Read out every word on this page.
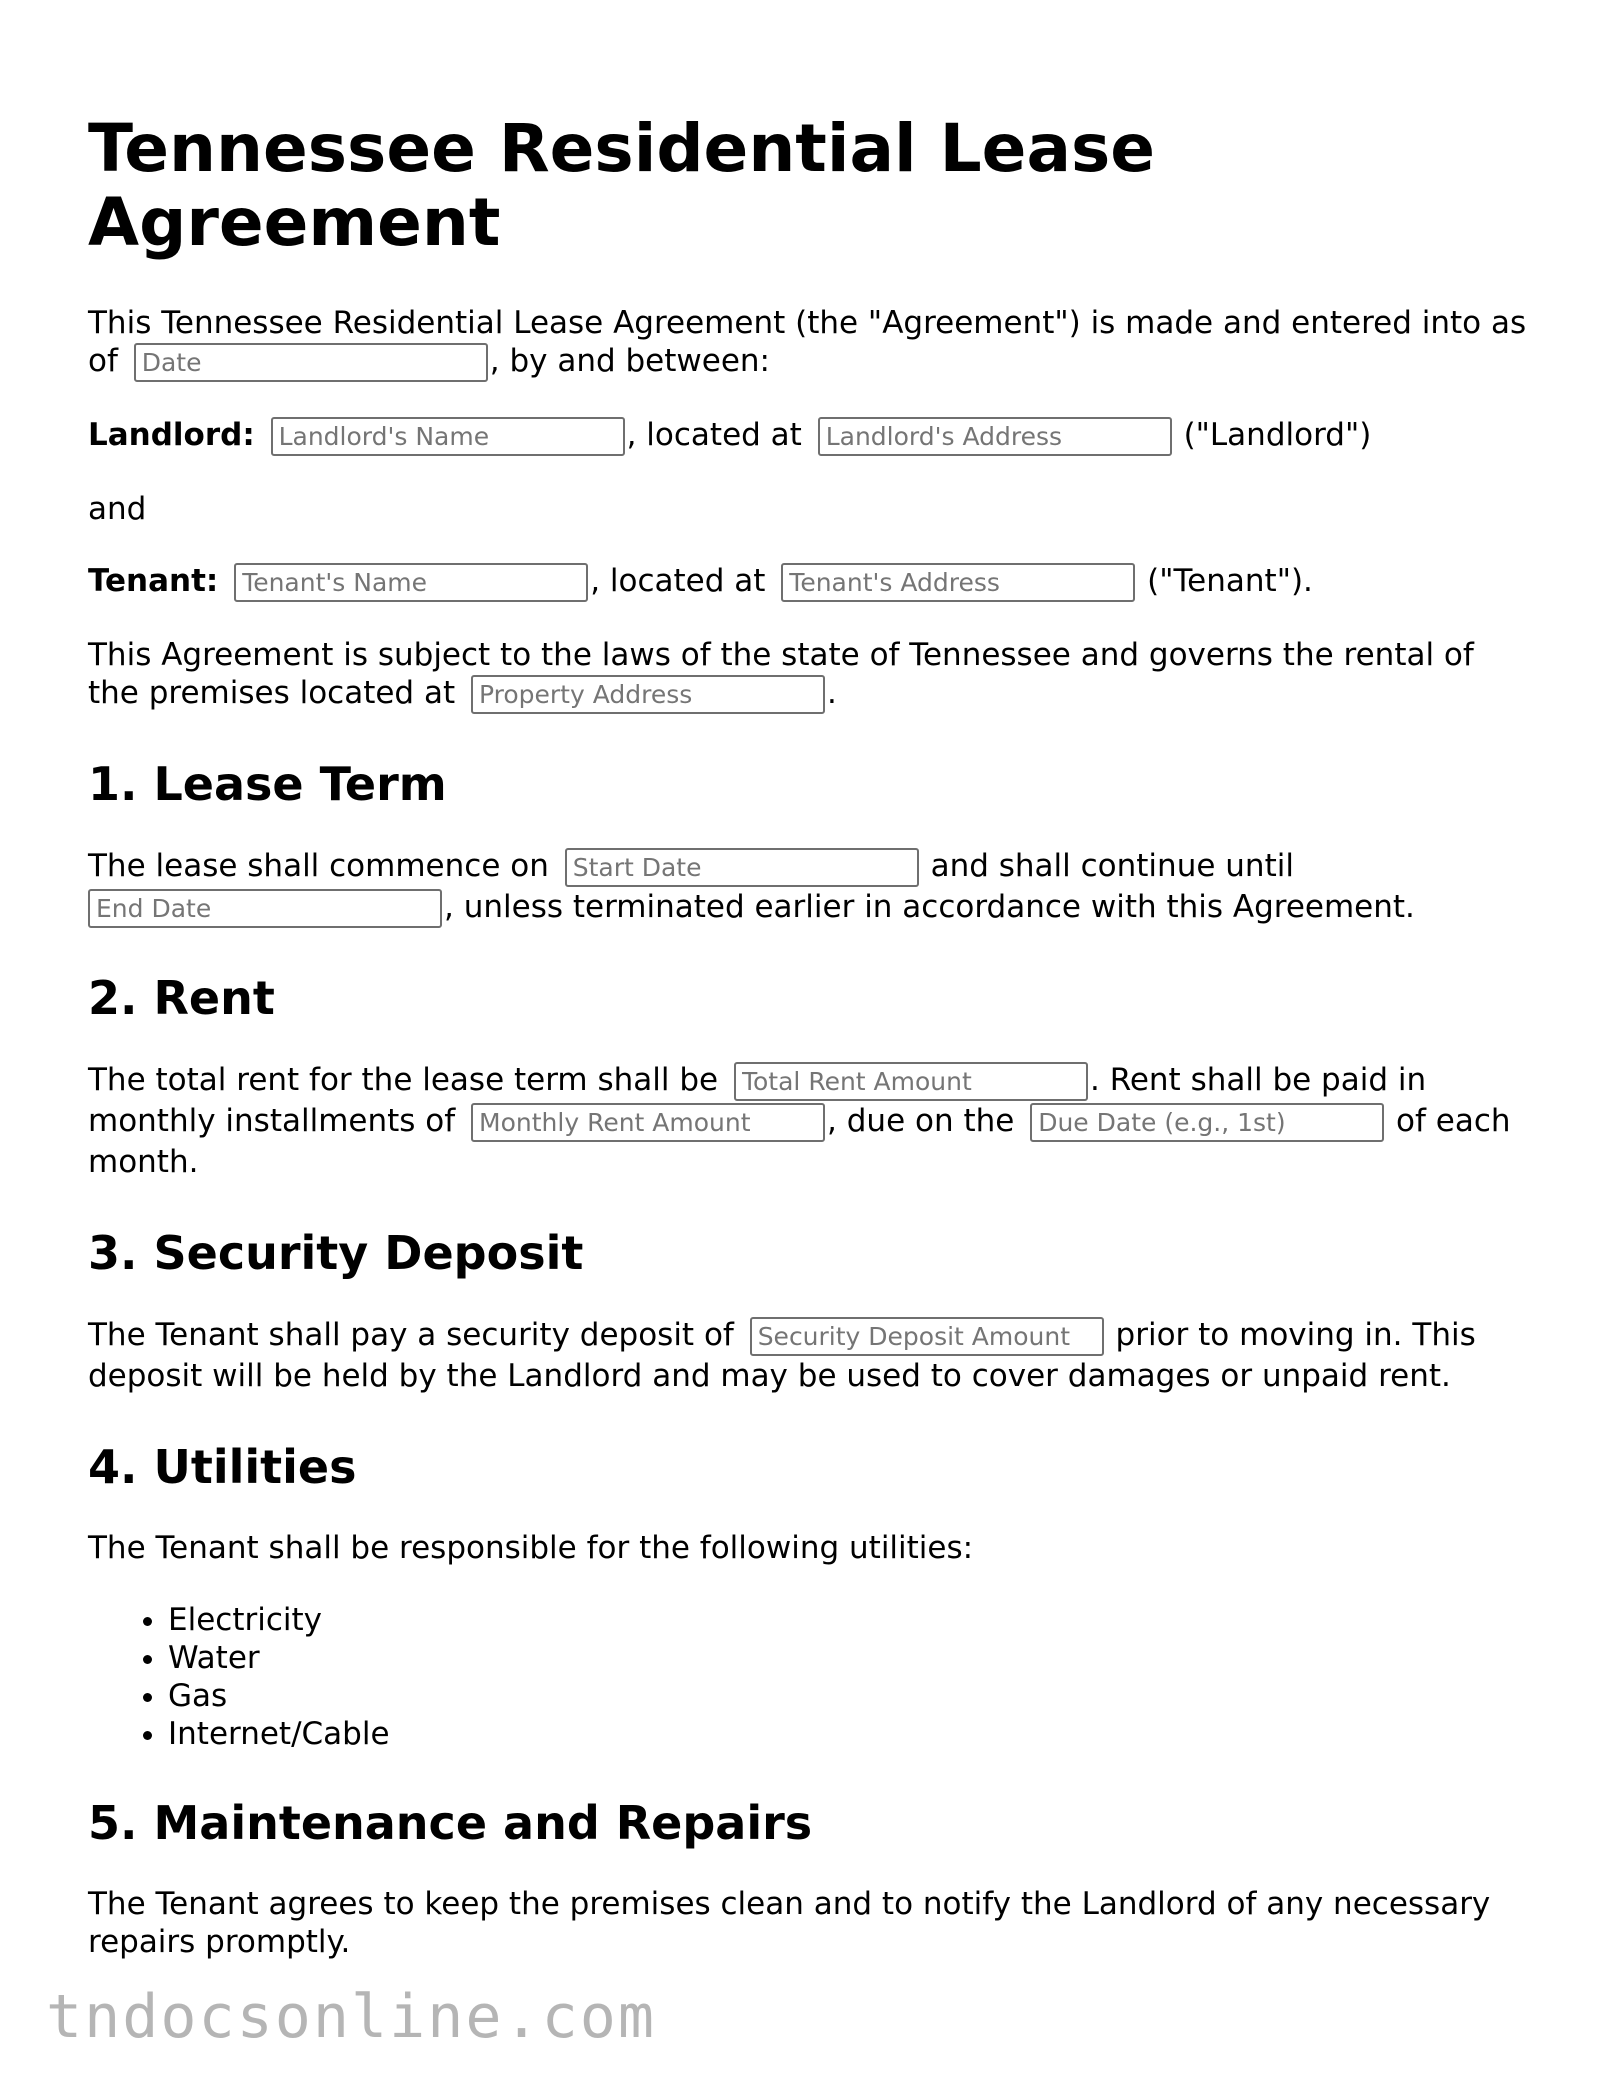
Tennessee Residential Lease Agreement

This Tennessee Residential Lease Agreement (the "Agreement") is made and entered into as of Date	, by and between:

Landlord: Landlord's Name	, located at Landlord's Address	("Landlord")

and

Tenant: Tenant's Name	, located at Tenant's Address	("Tenant").

This Agreement is subject to the laws of the state of Tennessee and governs the rental of the premises located at Property Address	.

1. Lease Term

The lease shall commence on Start Date	and shall continue until End Date, unless terminated earlier in accordance with this Agreement.

2. Rent

The total rent for the lease term shall be Total Rent Amount	. Rent shall be paid in monthly installments of Monthly Rent Amount	, due on the Due Date (e.g., 1st)	of each month.

3. Security Deposit

The Tenant shall pay a security deposit of Security Deposit Amount	prior to moving in. This deposit will be held by the Landlord and may be used to cover damages or unpaid rent.

4. Utilities

The Tenant shall be responsible for the following utilities:

• Electricity
• Water
• Gas
• Internet/Cable
5. Maintenance and Repairs

The Tenant agrees to keep the premises clean and to notify the Landlord of any necessary repairs promptly.

tndocsonline.com
